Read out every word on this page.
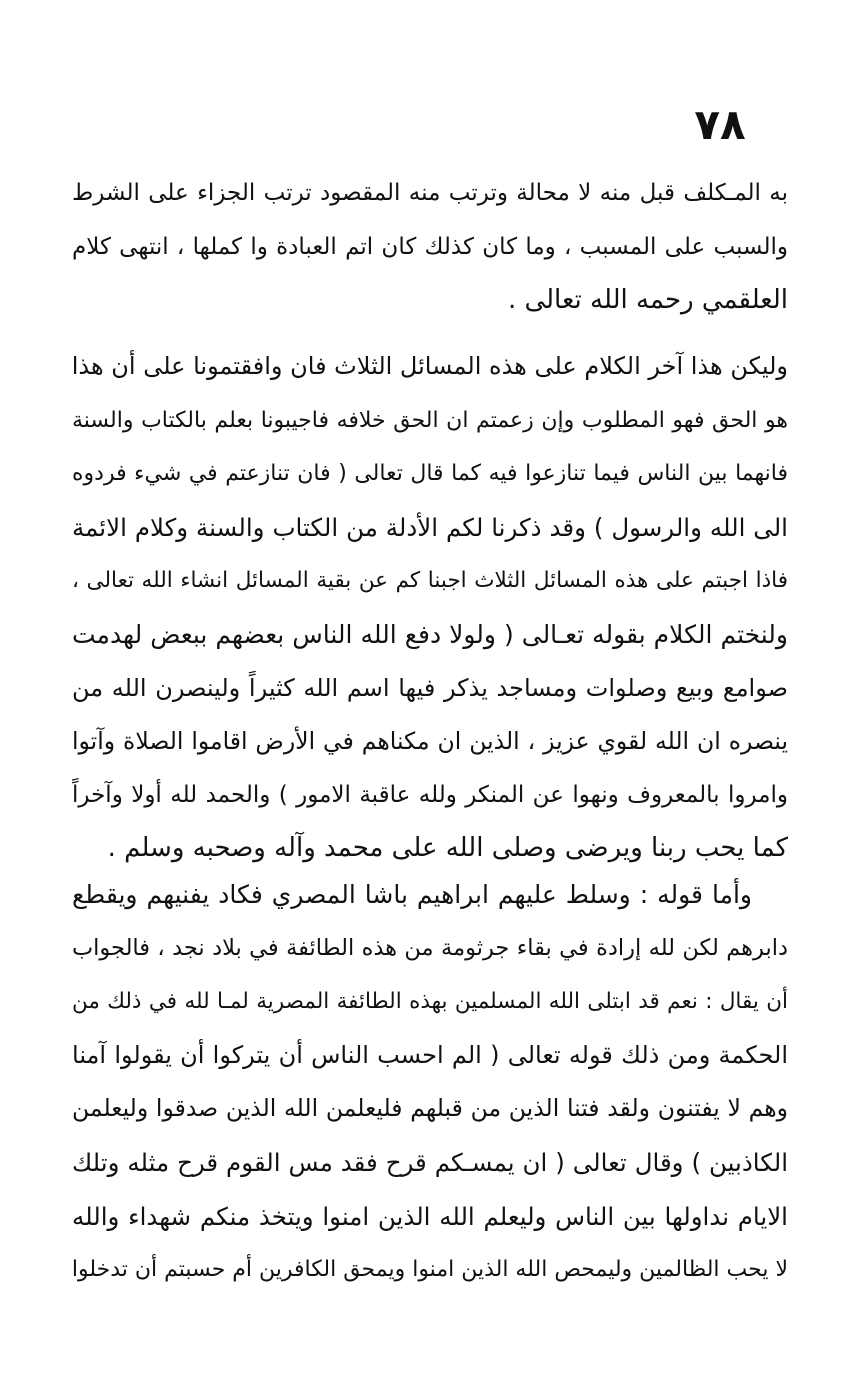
٧٨
به المـكلف قبل منه لا محالة وترتب منه المقصود ترتب الجزاء على الشرط
والسبب على المسبب ، وما كان كذلك كان اتم العبادة وا كملها ، انتهى كلام
العلقمي رحمه الله تعالى .
وليكن هذا آخر الكلام على هذه المسائل الثلاث فان وافقتمونا على أن هذا
هو الحق فهو المطلوب وإن زعمتم ان الحق خلافه فاجيبونا بعلم بالكتاب والسنة
فانهما بين الناس فيما تنازعوا فيه كما قال تعالى ( فان تنازعتم في شيء فردوه
الى الله والرسول ) وقد ذكرنا لكم الأدلة من الكتاب والسنة وكلام الائمة
فاذا اجبتم على هذه المسائل الثلاث اجبنا كم عن بقية المسائل انشاء الله تعالى ،
ولنختم الكلام بقوله تعـالى ( ولولا دفع الله الناس بعضهم ببعض لهدمت
صوامع وبيع وصلوات ومساجد يذكر فيها اسم الله كثيراً ولينصرن الله من
ينصره ان الله لقوي عزيز ، الذين ان مكناهم في الأرض اقاموا الصلاة وآتوا
وامروا بالمعروف ونهوا عن المنكر ولله عاقبة الامور ) والحمد لله أولا وآخراً
كما يحب ربنا ويرضى وصلى الله على محمد وآله وصحبه وسلم .
وأما قوله : وسلط عليهم ابراهيم باشا المصري فكاد يفنيهم ويقطع
دابرهم لكن لله إرادة في بقاء جرثومة من هذه الطائفة في بلاد نجد ، فالجواب
أن يقال : نعم قد ابتلى الله المسلمين بهذه الطائفة المصرية لمـا لله في ذلك من
الحكمة ومن ذلك قوله تعالى ( الم احسب الناس أن يتركوا أن يقولوا آمنا
وهم لا يفتنون ولقد فتنا الذين من قبلهم فليعلمن الله الذين صدقوا وليعلمن
الكاذبين ) وقال تعالى ( ان يمسـكم قرح فقد مس القوم قرح مثله وتلك
الايام نداولها بين الناس وليعلم الله الذين امنوا ويتخذ منكم شهداء والله
لا يحب الظالمين وليمحص الله الذين امنوا ويمحق الكافرين أم حسبتم أن تدخلوا
